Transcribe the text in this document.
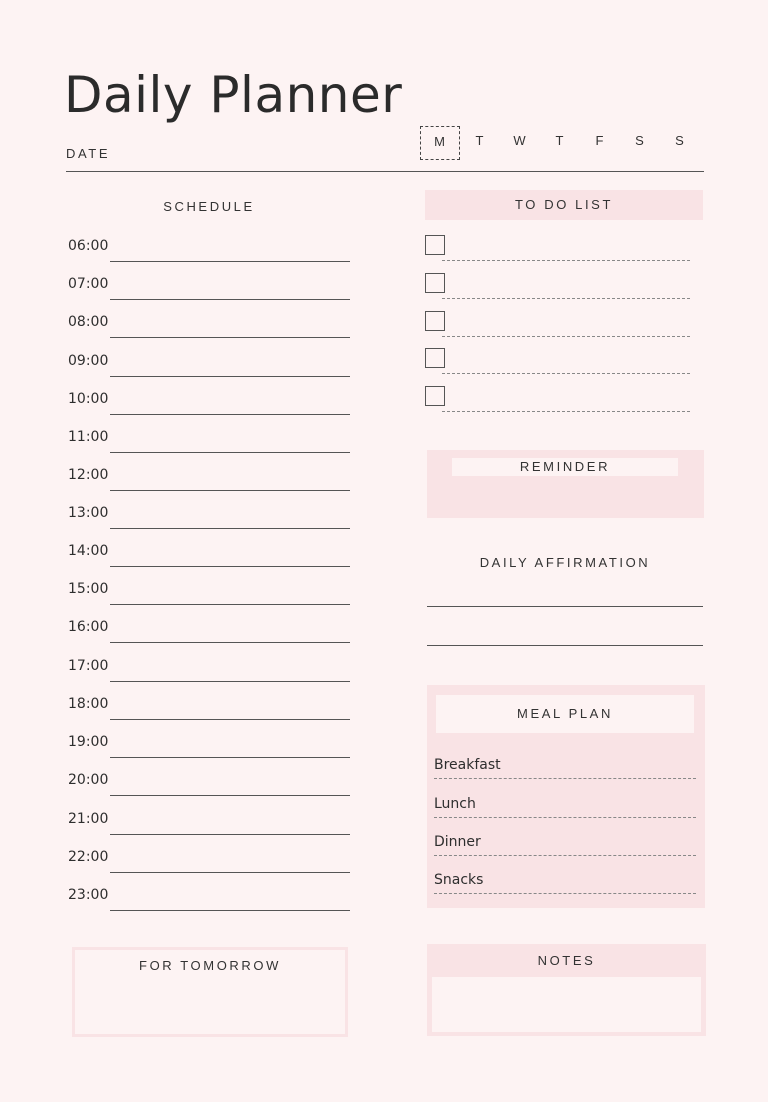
Daily Planner
DATE
M	T	W	T	F	S	S
SCHEDULE
06:00
07:00
08:00
09:00
10:00
11:00
12:00
13:00
14:00
15:00
16:00
17:00
18:00
19:00
20:00
21:00
22:00
23:00
TO DO LIST
REMINDER
DAILY AFFIRMATION
MEAL PLAN
Breakfast
Lunch
Dinner
Snacks
FOR TOMORROW	NOTES
